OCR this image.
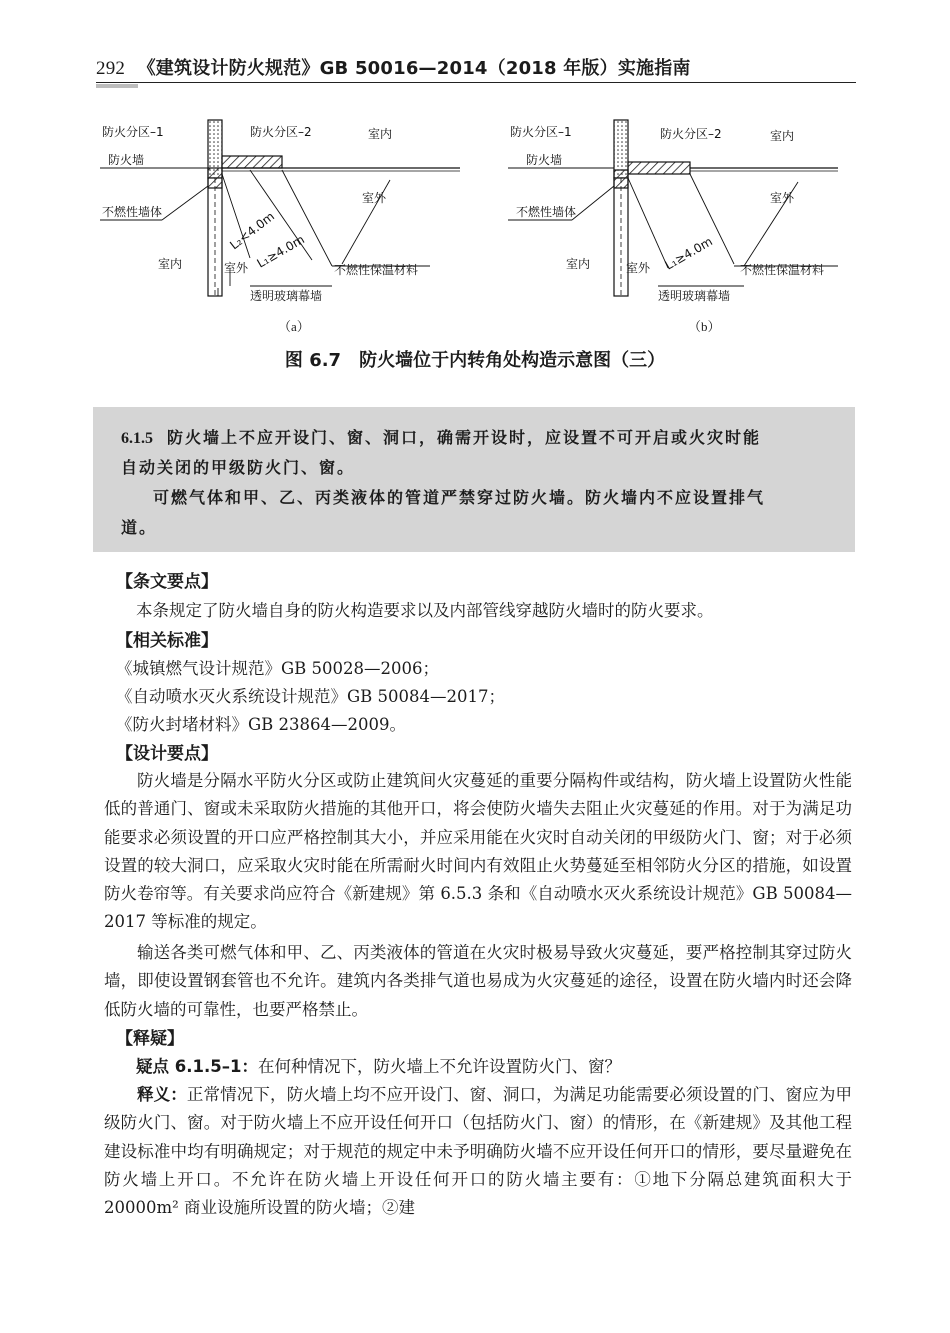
292 《建筑设计防火规范》GB 50016—2014（2018 年版）实施指南
防火分区–1	防火分区–2	室内
防火墙
室外
不燃性墙体	L₂<4.0m
L₁≥4.0m
室内	室外	不燃性保温材料
透明玻璃幕墙
防火分区–1	防火分区–2	室内
防火墙
室外
不燃性墙体
L₁≥4.0m
室内	室外	不燃性保温材料
透明玻璃幕墙
（a）	（b）
图 6.7　防火墙位于内转角处构造示意图（三）

6.1.5 防火墙上不应开设门、窗、洞口，确需开设时，应设置不可开启或火灾时能

自动关闭的甲级防火门、窗。

可燃气体和甲、乙、丙类液体的管道严禁穿过防火墙。防火墙内不应设置排气

道。

【条文要点】
本条规定了防火墙自身的防火构造要求以及内部管线穿越防火墙时的防火要求。
【相关标准】
《城镇燃气设计规范》GB 50028—2006；
《自动喷水灭火系统设计规范》GB 50084—2017；
《防火封堵材料》GB 23864—2009。
【设计要点】
防火墙是分隔水平防火分区或防止建筑间火灾蔓延的重要分隔构件或结构，防火墙上设置防火性能低的普通门、窗或未采取防火措施的其他开口，将会使防火墙失去阻止火灾蔓延的作用。对于为满足功能要求必须设置的开口应严格控制其大小，并应采用能在火灾时自动关闭的甲级防火门、窗；对于必须设置的较大洞口，应采取火灾时能在所需耐火时间内有效阻止火势蔓延至相邻防火分区的措施，如设置防火卷帘等。有关要求尚应符合《新建规》第 6.5.3 条和《自动喷水灭火系统设计规范》GB 50084—2017 等标准的规定。
输送各类可燃气体和甲、乙、丙类液体的管道在火灾时极易导致火灾蔓延，要严格控制其穿过防火墙，即使设置钢套管也不允许。建筑内各类排气道也易成为火灾蔓延的途径，设置在防火墙内时还会降低防火墙的可靠性，也要严格禁止。
【释疑】
疑点 6.1.5–1：在何种情况下，防火墙上不允许设置防火门、窗？
释义：正常情况下，防火墙上均不应开设门、窗、洞口，为满足功能需要必须设置的门、窗应为甲级防火门、窗。对于防火墙上不应开设任何开口（包括防火门、窗）的情形，在《新建规》及其他工程建设标准中均有明确规定；对于规范的规定中未予明确防火墙不应开设任何开口的情形，要尽量避免在防火墙上开口。不允许在防火墙上开设任何开口的防火墙主要有：①地下分隔总建筑面积大于 20000m² 商业设施所设置的防火墙；②建
